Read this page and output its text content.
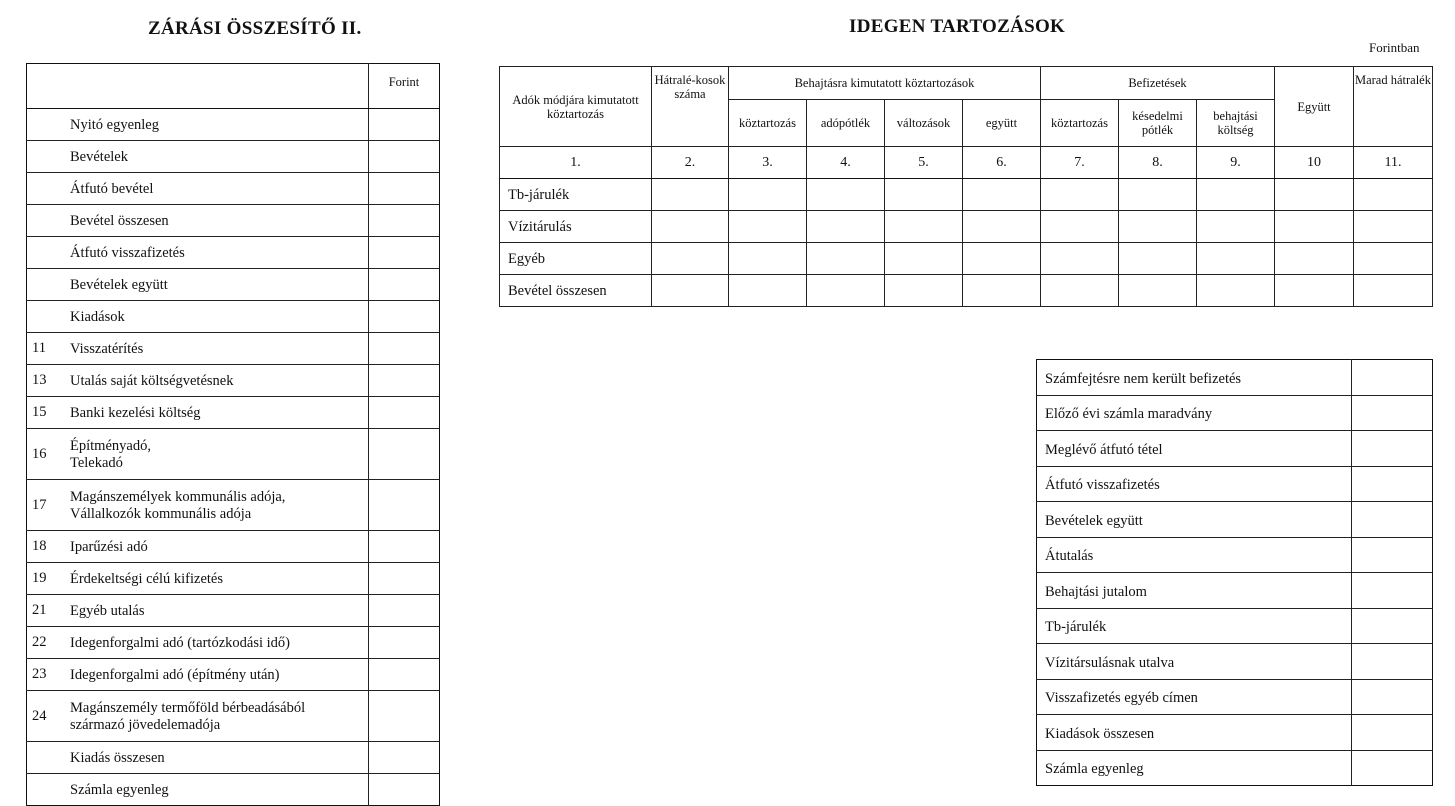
ZÁRÁSI ÖSSZESÍTŐ II.	IDEGEN TARTOZÁSOK
Forintban
		Forint
	Nyitó egyenleg	
	Bevételek	
	Átfutó bevétel	
	Bevétel összesen	
	Átfutó visszafizetés	
	Bevételek együtt	
	Kiadások	
11	Visszatérítés	
13	Utalás saját költségvetésnek	
15	Banki kezelési költség	
16	Építményadó,
Telekadó	

17	Magánszemélyek kommunális adója,
Vállalkozók kommunális adója	

18	Iparűzési adó	
19	Érdekeltségi célú kifizetés	
21	Egyéb utalás	
22	Idegenforgalmi adó (tartózkodási idő)	
23	Idegenforgalmi adó (építmény után)	
24	Magánszemély termőföld bérbeadásából
származó jövedelemadója	

	Kiadás összesen	
	Számla egyenleg	
Adók módjára kimutatott köztartozás	Hátralé-kosok száma	Behajtásra kimutatott köztartozások				Befizetések			Együtt	Marad hátralék
		köztartozás	adópótlék	változások	együtt	köztartozás	késedelmi pótlék	behajtási költség		
1.	2.	3.	4.	5.	6.	7.	8.	9.	10	11.
Tb-járulék										
Vízitárulás										
Egyéb										
Bevétel összesen										
Számfejtésre nem került befizetés	
Előző évi számla maradvány	
Meglévő átfutó tétel	
Átfutó visszafizetés	
Bevételek együtt	
Átutalás	
Behajtási jutalom	
Tb-járulék	
Vízitársulásnak utalva	
Visszafizetés egyéb címen	
Kiadások összesen	
Számla egyenleg	
